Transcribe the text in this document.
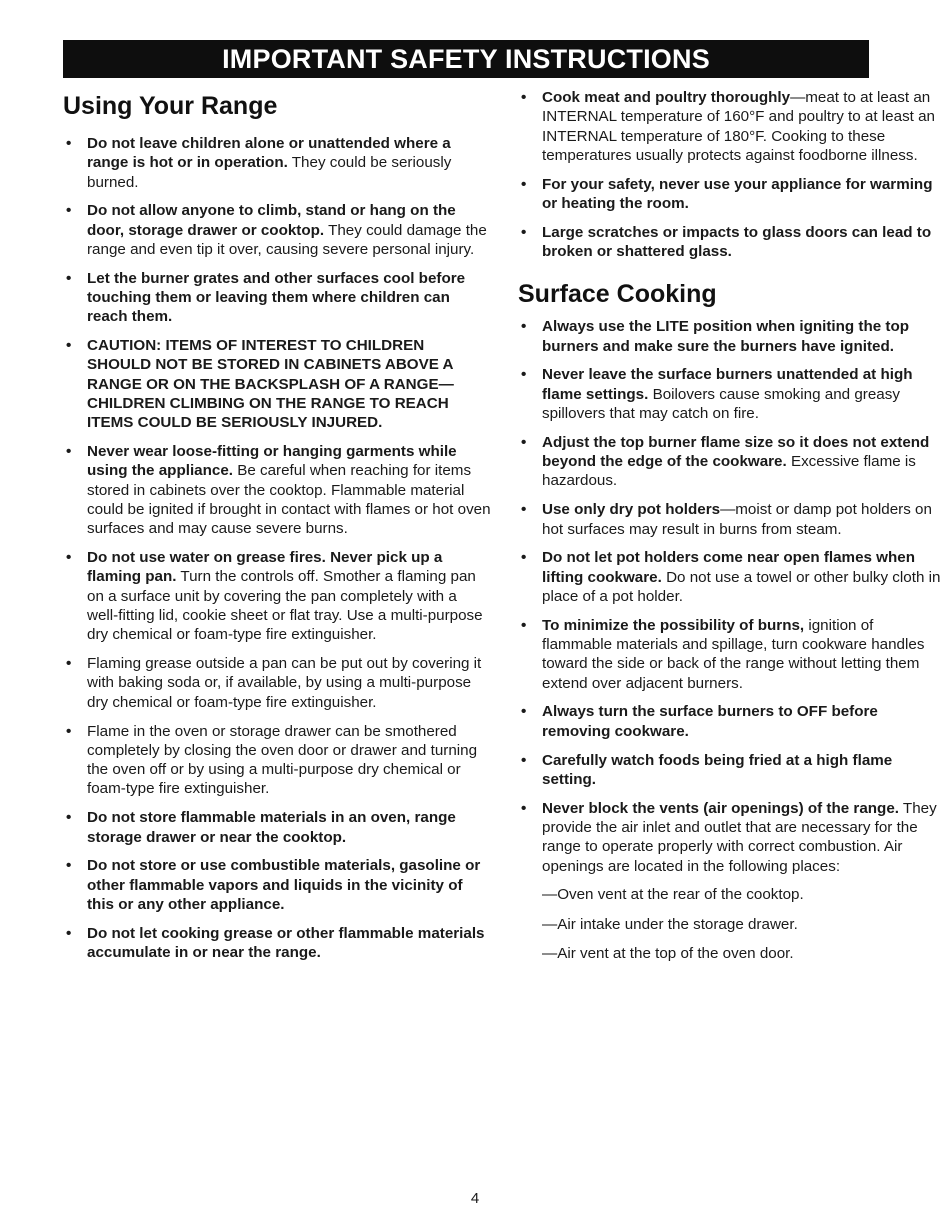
IMPORTANT SAFETY INSTRUCTIONS
Using Your Range
• Do not leave children alone or unattended where a range is hot or in operation. They could be seriously burned.
• Do not allow anyone to climb, stand or hang on the door, storage drawer or cooktop. They could damage the range and even tip it over, causing severe personal injury.
• Let the burner grates and other surfaces cool before touching them or leaving them where children can reach them.
• CAUTION: ITEMS OF INTEREST TO CHILDREN SHOULD NOT BE STORED IN CABINETS ABOVE A RANGE OR ON THE BACKSPLASH OF A RANGE— CHILDREN CLIMBING ON THE RANGE TO REACH ITEMS COULD BE SERIOUSLY INJURED.
• Never wear loose-fitting or hanging garments while using the appliance. Be careful when reaching for items stored in cabinets over the cooktop. Flammable material could be ignited if brought in contact with flames or hot oven surfaces and may cause severe burns.
• Do not use water on grease fires. Never pick up a flaming pan. Turn the controls off. Smother a flaming pan on a surface unit by covering the pan completely with a well-fitting lid, cookie sheet or flat tray. Use a multi-purpose dry chemical or foam-type fire extinguisher.
• Flaming grease outside a pan can be put out by covering it with baking soda or, if available, by using a multi-purpose dry chemical or foam-type fire extinguisher.
• Flame in the oven or storage drawer can be smothered completely by closing the oven door or drawer and turning the oven off or by using a multi-purpose dry chemical or foam-type fire extinguisher.
• Do not store flammable materials in an oven, range storage drawer or near the cooktop.
• Do not store or use combustible materials, gasoline or other flammable vapors and liquids in the vicinity of this or any other appliance.
• Do not let cooking grease or other flammable materials accumulate in or near the range.
• Cook meat and poultry thoroughly—meat to at least an INTERNAL temperature of 160°F and poultry to at least an INTERNAL temperature of 180°F. Cooking to these temperatures usually protects against foodborne illness.
• For your safety, never use your appliance for warming or heating the room.
• Large scratches or impacts to glass doors can lead to broken or shattered glass.
Surface Cooking
• Always use the LITE position when igniting the top burners and make sure the burners have ignited.
• Never leave the surface burners unattended at high flame settings. Boilovers cause smoking and greasy spillovers that may catch on fire.
• Adjust the top burner flame size so it does not extend beyond the edge of the cookware. Excessive flame is hazardous.
• Use only dry pot holders—moist or damp pot holders on hot surfaces may result in burns from steam.
• Do not let pot holders come near open flames when lifting cookware. Do not use a towel or other bulky cloth in place of a pot holder.
• To minimize the possibility of burns, ignition of flammable materials and spillage, turn cookware handles toward the side or back of the range without letting them extend over adjacent burners.
• Always turn the surface burners to OFF before removing cookware.
• Carefully watch foods being fried at a high flame setting.
• Never block the vents (air openings) of the range. They provide the air inlet and outlet that are necessary for the range to operate properly with correct combustion. Air openings are located in the following places:
—Oven vent at the rear of the cooktop.
—Air intake under the storage drawer.
—Air vent at the top of the oven door.
4
